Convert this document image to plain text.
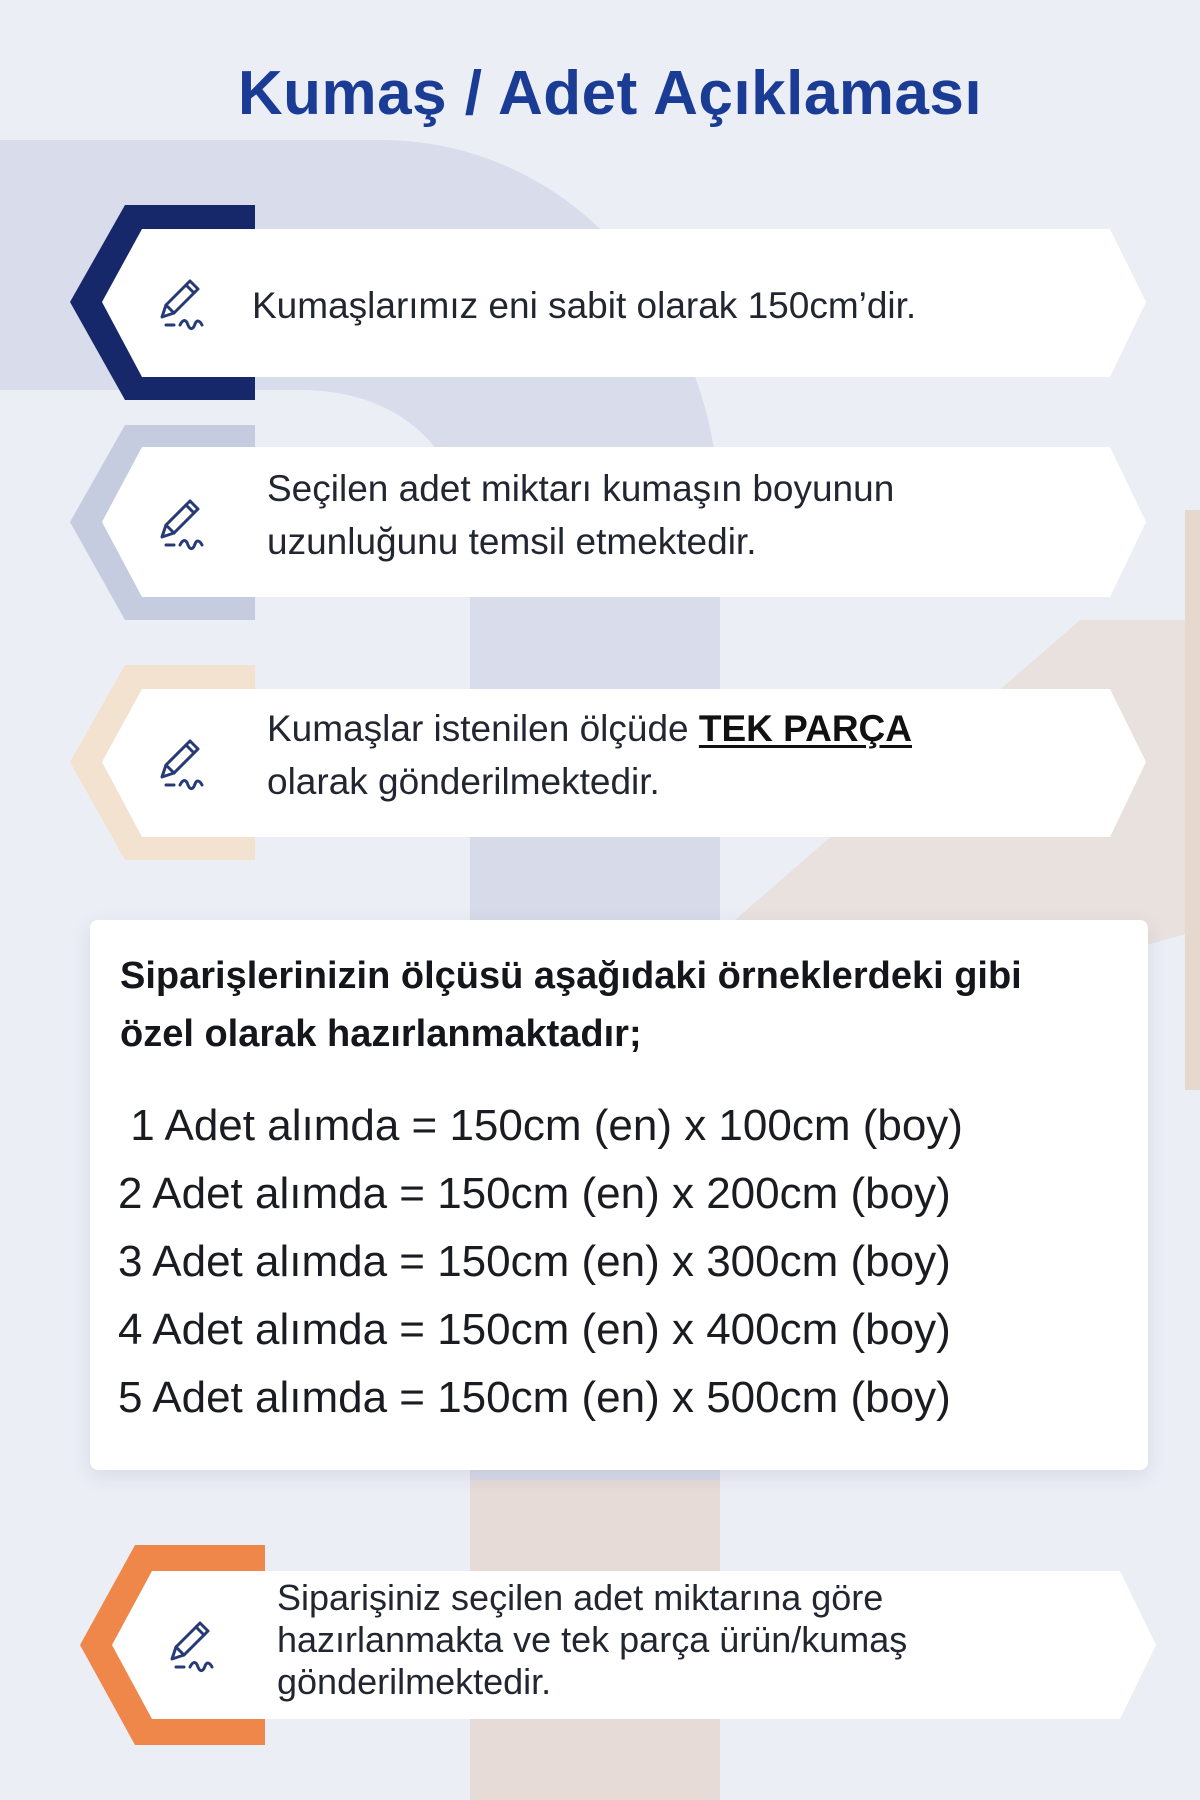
Kumaş / Adet Açıklaması

Kumaşlarımız eni sabit olarak 150cm’dir.

Seçilen adet miktarı kumaşın boyunun
uzunluğunu temsil etmektedir.

Kumaşlar istenilen ölçüde TEK PARÇA
olarak gönderilmektedir.

Siparişlerinizin ölçüsü aşağıdaki örneklerdeki gibi
özel olarak hazırlanmaktadır;

1 Adet alımda = 150cm (en) x 100cm (boy)
2 Adet alımda = 150cm (en) x 200cm (boy)
3 Adet alımda = 150cm (en) x 300cm (boy)
4 Adet alımda = 150cm (en) x 400cm (boy)
5 Adet alımda = 150cm (en) x 500cm (boy)

Siparişiniz seçilen adet miktarına göre
hazırlanmakta ve tek parça ürün/kumaş
gönderilmektedir.
